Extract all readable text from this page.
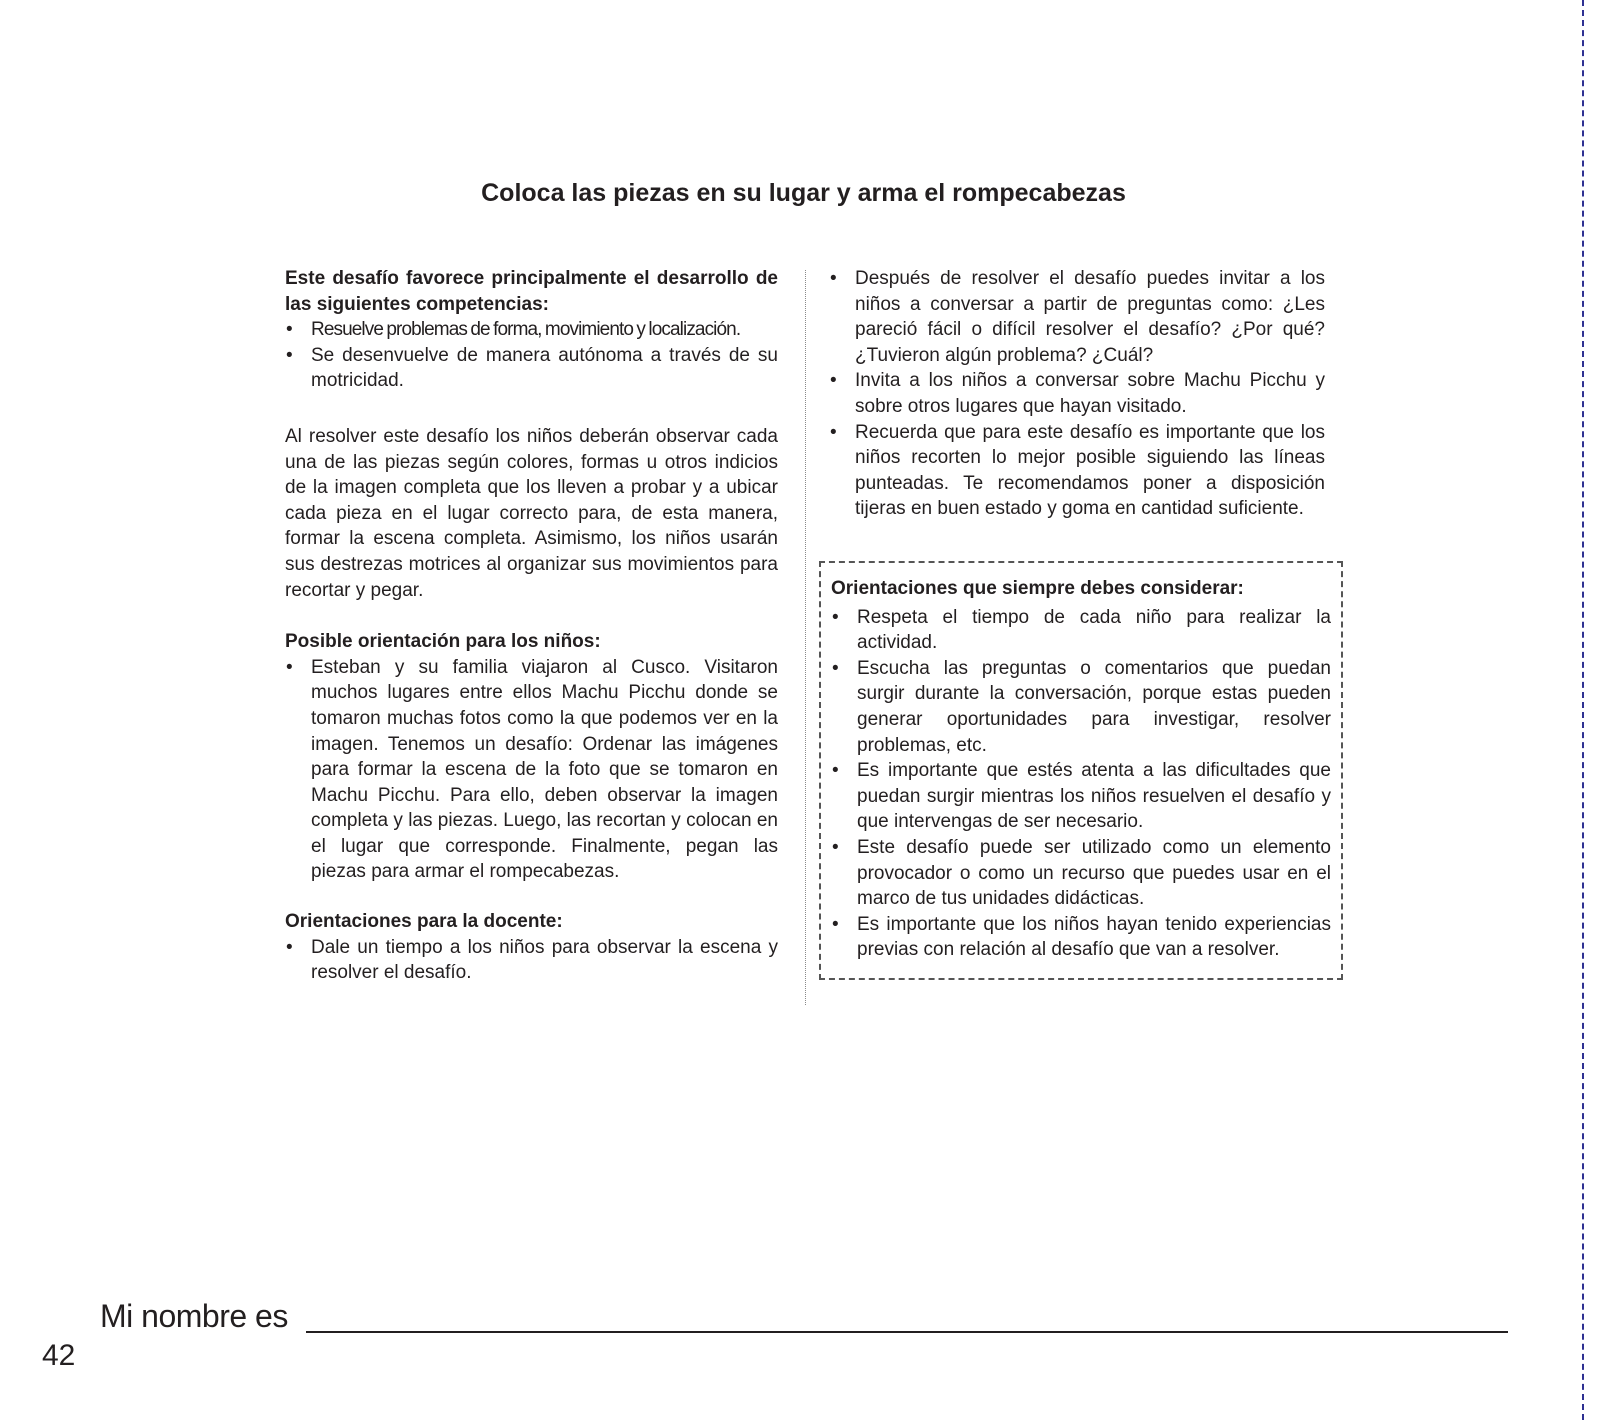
Coloca las piezas en su lugar y arma el rompecabezas

Este desafío favorece principalmente el desarrollo de las siguientes competencias:

• Resuelve problemas de forma, movimiento y localización.
• Se desenvuelve de manera autónoma a través de su motricidad.

Al resolver este desafío los niños deberán observar cada una de las piezas según colores, formas u otros indicios de la imagen completa que los lleven a probar y a ubicar cada pieza en el lugar correcto para, de esta manera, formar la escena completa. Asimismo, los niños usarán sus destrezas motrices al organizar sus movimientos para recortar y pegar.

Posible orientación para los niños:

• Esteban y su familia viajaron al Cusco. Visitaron muchos lugares entre ellos Machu Picchu donde se tomaron muchas fotos como la que podemos ver en la imagen. Tenemos un desafío: Ordenar las imágenes para formar la escena de la foto que se tomaron en Machu Picchu. Para ello, deben observar la imagen completa y las piezas. Luego, las recortan y colocan en el lugar que corresponde. Finalmente, pegan las piezas para armar el rompecabezas.

Orientaciones para la docente:

• Dale un tiempo a los niños para observar la escena y resolver el desafío.
• Después de resolver el desafío puedes invitar a los niños a conversar a partir de preguntas como: ¿Les pareció fácil o difícil resolver el desafío? ¿Por qué? ¿Tuvieron algún problema? ¿Cuál?
• Invita a los niños a conversar sobre Machu Picchu y sobre otros lugares que hayan visitado.
• Recuerda que para este desafío es importante que los niños recorten lo mejor posible siguiendo las líneas punteadas. Te recomendamos poner a disposición tijeras en buen estado y goma en cantidad suficiente.

Orientaciones que siempre debes considerar:

• Respeta el tiempo de cada niño para realizar la actividad.
• Escucha las preguntas o comentarios que puedan surgir durante la conversación, porque estas pueden generar oportunidades para investigar, resolver problemas, etc.
• Es importante que estés atenta a las dificultades que puedan surgir mientras los niños resuelven el desafío y que intervengas de ser necesario.
• Este desafío puede ser utilizado como un elemento provocador o como un recurso que puedes usar en el marco de tus unidades didácticas.
• Es importante que los niños hayan tenido experiencias previas con relación al desafío que van a resolver.
Mi nombre es
42
